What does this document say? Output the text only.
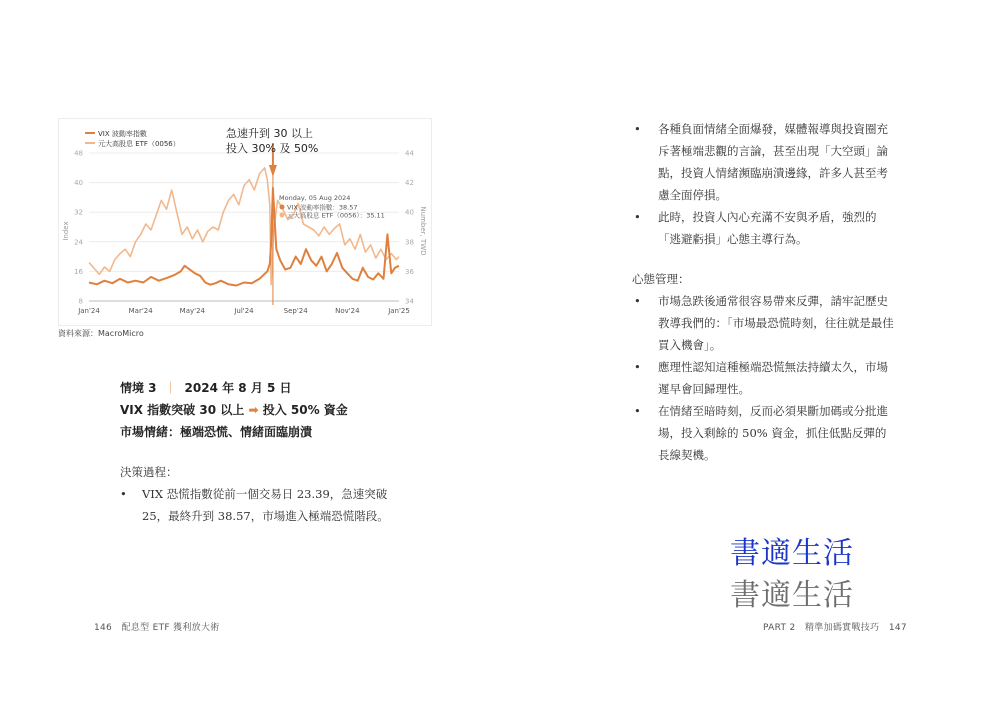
VIX 波動率指數
元大高股息 ETF（0056）
Index	Number, TWD
8	34
16	36
24	38
32	40
40	42
48	44
Jan'24	Mar'24	May'24	Jul'24	Sep'24	Nov'24	Jan'25
Monday, 05 Aug 2024
VIX 波動率指數：38.57
元大高股息 ETF（0056）：35.11
急速升到 30 以上
投入 30% 及 50%
資料來源：MacroMicro
情境 3 ｜ 2024 年 8 月 5 日
VIX 指數突破 30 以上 ➡ 投入 50% 資金
市場情緒：極端恐慌、情緒面臨崩潰
決策過程：
• VIX 恐慌指數從前一個交易日 23.39，急速突破 25，最終升到 38.57，市場進入極端恐慌階段。
146 配息型 ETF 獲利放大術
• 各種負面情緒全面爆發，媒體報導與投資圈充斥著極端悲觀的言論，甚至出現「大空頭」論點，投資人情緒瀕臨崩潰邊緣，許多人甚至考慮全面停損。
• 此時，投資人內心充滿不安與矛盾，強烈的「逃避虧損」心態主導行為。
心態管理：
• 市場急跌後通常很容易帶來反彈，請牢記歷史教導我們的：「市場最恐慌時刻，往往就是最佳買入機會」。
• 應理性認知這種極端恐慌無法持續太久，市場遲早會回歸理性。
• 在情緒至暗時刻，反而必須果斷加碼或分批進場，投入剩餘的 50% 資金，抓住低點反彈的長線契機。
書適生活
書適生活
PART 2 精準加碼實戰技巧 147
